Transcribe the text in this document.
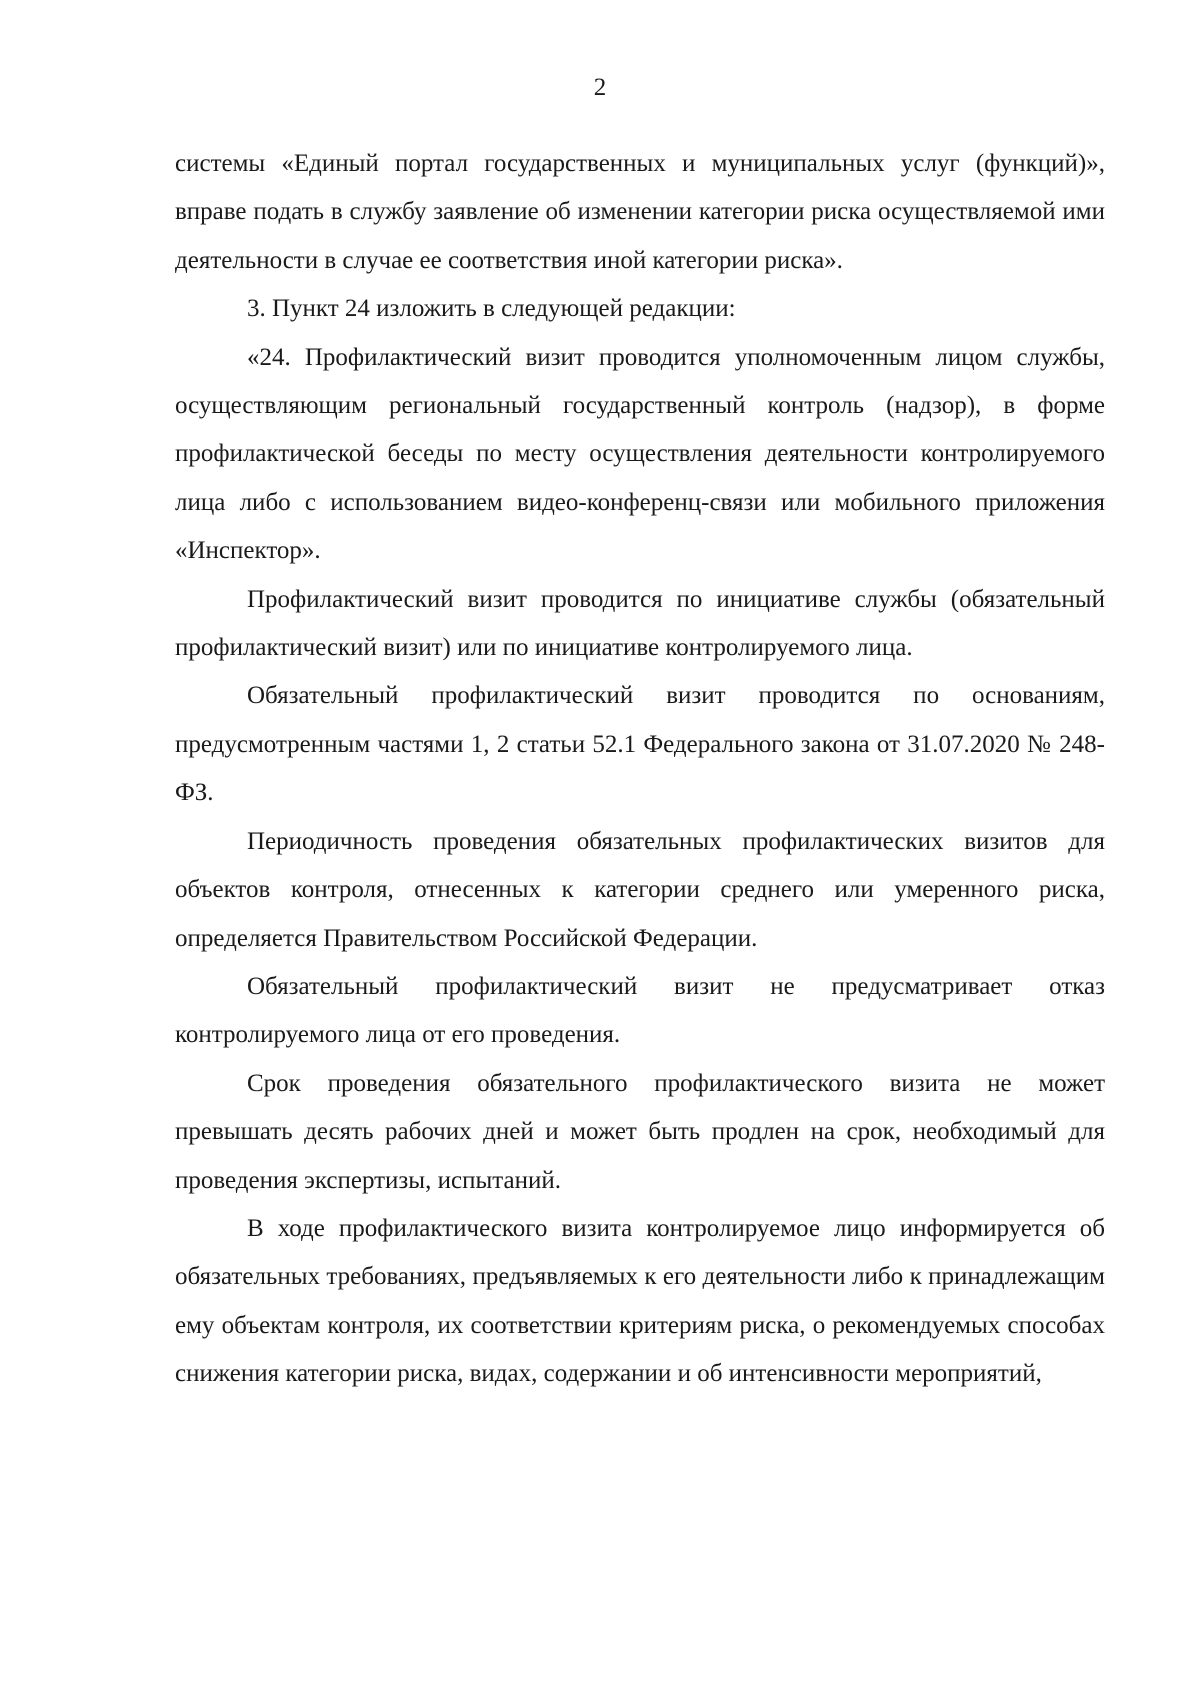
2

системы «Единый портал государственных и муниципальных услуг (функций)», вправе подать в службу заявление об изменении категории риска осуществляемой ими деятельности в случае ее соответствия иной категории риска».

3. Пункт 24 изложить в следующей редакции:

«24. Профилактический визит проводится уполномоченным лицом службы, осуществляющим региональный государственный контроль (надзор), в форме профилактической беседы по месту осуществления деятельности контролируемого лица либо с использованием видео-конференц-связи или мобильного приложения «Инспектор».

Профилактический визит проводится по инициативе службы (обязательный профилактический визит) или по инициативе контролируемого лица.

Обязательный профилактический визит проводится по основаниям, предусмотренным частями 1, 2 статьи 52.1 Федерального закона от 31.07.2020 № 248-ФЗ.

Периодичность проведения обязательных профилактических визитов для объектов контроля, отнесенных к категории среднего или умеренного риска, определяется Правительством Российской Федерации.

Обязательный профилактический визит не предусматривает отказ контролируемого лица от его проведения.

Срок проведения обязательного профилактического визита не может превышать десять рабочих дней и может быть продлен на срок, необходимый для проведения экспертизы, испытаний.

В ходе профилактического визита контролируемое лицо информируется об обязательных требованиях, предъявляемых к его деятельности либо к принадлежащим ему объектам контроля, их соответствии критериям риска, о рекомендуемых способах снижения категории риска, видах, содержании и об интенсивности мероприятий,
